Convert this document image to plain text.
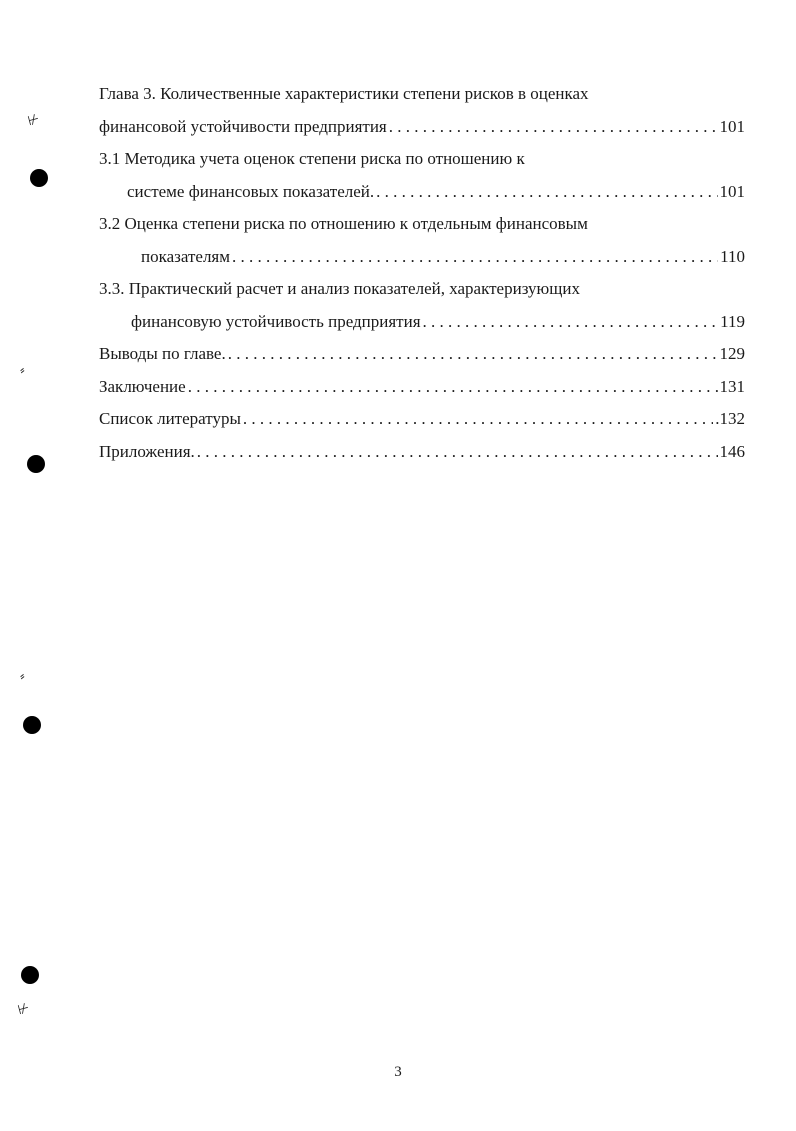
⊬
⸗
⸗
⊬
Глава 3. Количественные характеристики степени рисков в оценках
финансовой устойчивости предприятия . . .	101
3.1 Методика учета оценок степени риска по отношению к
системе финансовых показателей. . . .	101
3.2 Оценка степени риска по отношению к отдельным финансовым
показателям . . .	110
3.3. Практический расчет и анализ показателей, характеризующих
финансовую устойчивость предприятия . . .	119
Выводы по главе. . . .	129
Заключение . . .	131
Список литературы . . .	.132
Приложения. . . .	146
3
